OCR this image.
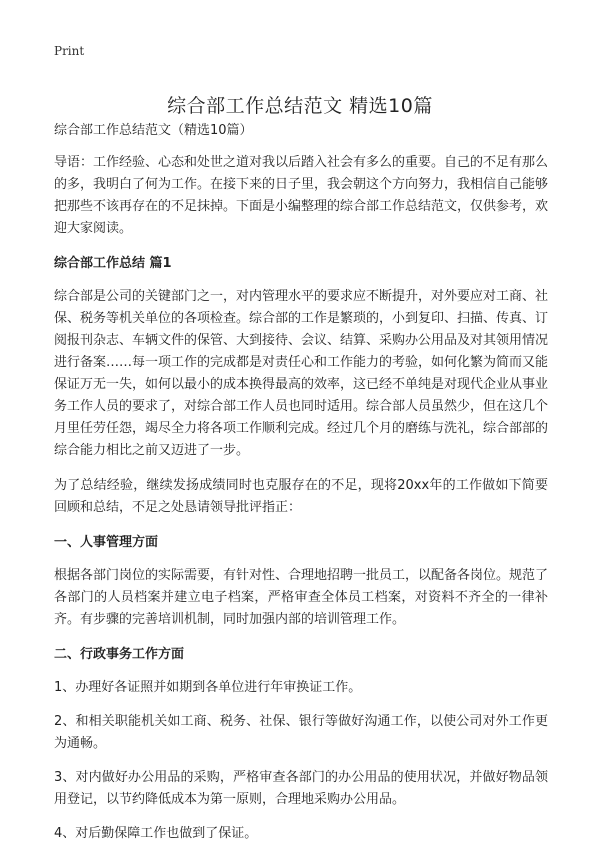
Print
综合部工作总结范文 精选10篇

综合部工作总结范文（精选10篇）

导语：工作经验、心态和处世之道对我以后踏入社会有多么的重要。自己的不足有那么的多，我明白了何为工作。在接下来的日子里，我会朝这个方向努力，我相信自己能够把那些不该再存在的不足抹掉。下面是小编整理的综合部工作总结范文，仅供参考，欢迎大家阅读。

综合部工作总结 篇1

综合部是公司的关键部门之一，对内管理水平的要求应不断提升，对外要应对工商、社保、税务等机关单位的各项检查。综合部的工作是繁琐的，小到复印、扫描、传真、订阅报刊杂志、车辆文件的保管、大到接待、会议、结算、采购办公用品及对其领用情况进行备案……每一项工作的完成都是对责任心和工作能力的考验，如何化繁为简而又能保证万无一失，如何以最小的成本换得最高的效率，这已经不单纯是对现代企业从事业务工作人员的要求了，对综合部工作人员也同时适用。综合部人员虽然少，但在这几个月里任劳任怨，竭尽全力将各项工作顺利完成。经过几个月的磨练与洗礼，综合部部的综合能力相比之前又迈进了一步。

为了总结经验，继续发扬成绩同时也克服存在的不足，现将20xx年的工作做如下简要回顾和总结，不足之处恳请领导批评指正：

一、人事管理方面

根据各部门岗位的实际需要，有针对性、合理地招聘一批员工，以配备各岗位。规范了各部门的人员档案并建立电子档案，严格审查全体员工档案，对资料不齐全的一律补齐。有步骤的完善培训机制，同时加强内部的培训管理工作。

二、行政事务工作方面

1、办理好各证照并如期到各单位进行年审换证工作。

2、和相关职能机关如工商、税务、社保、银行等做好沟通工作，以使公司对外工作更为通畅。

3、对内做好办公用品的采购，严格审查各部门的办公用品的使用状况，并做好物品领用登记，以节约降低成本为第一原则，合理地采购办公用品。

4、对后勤保障工作也做到了保证。
